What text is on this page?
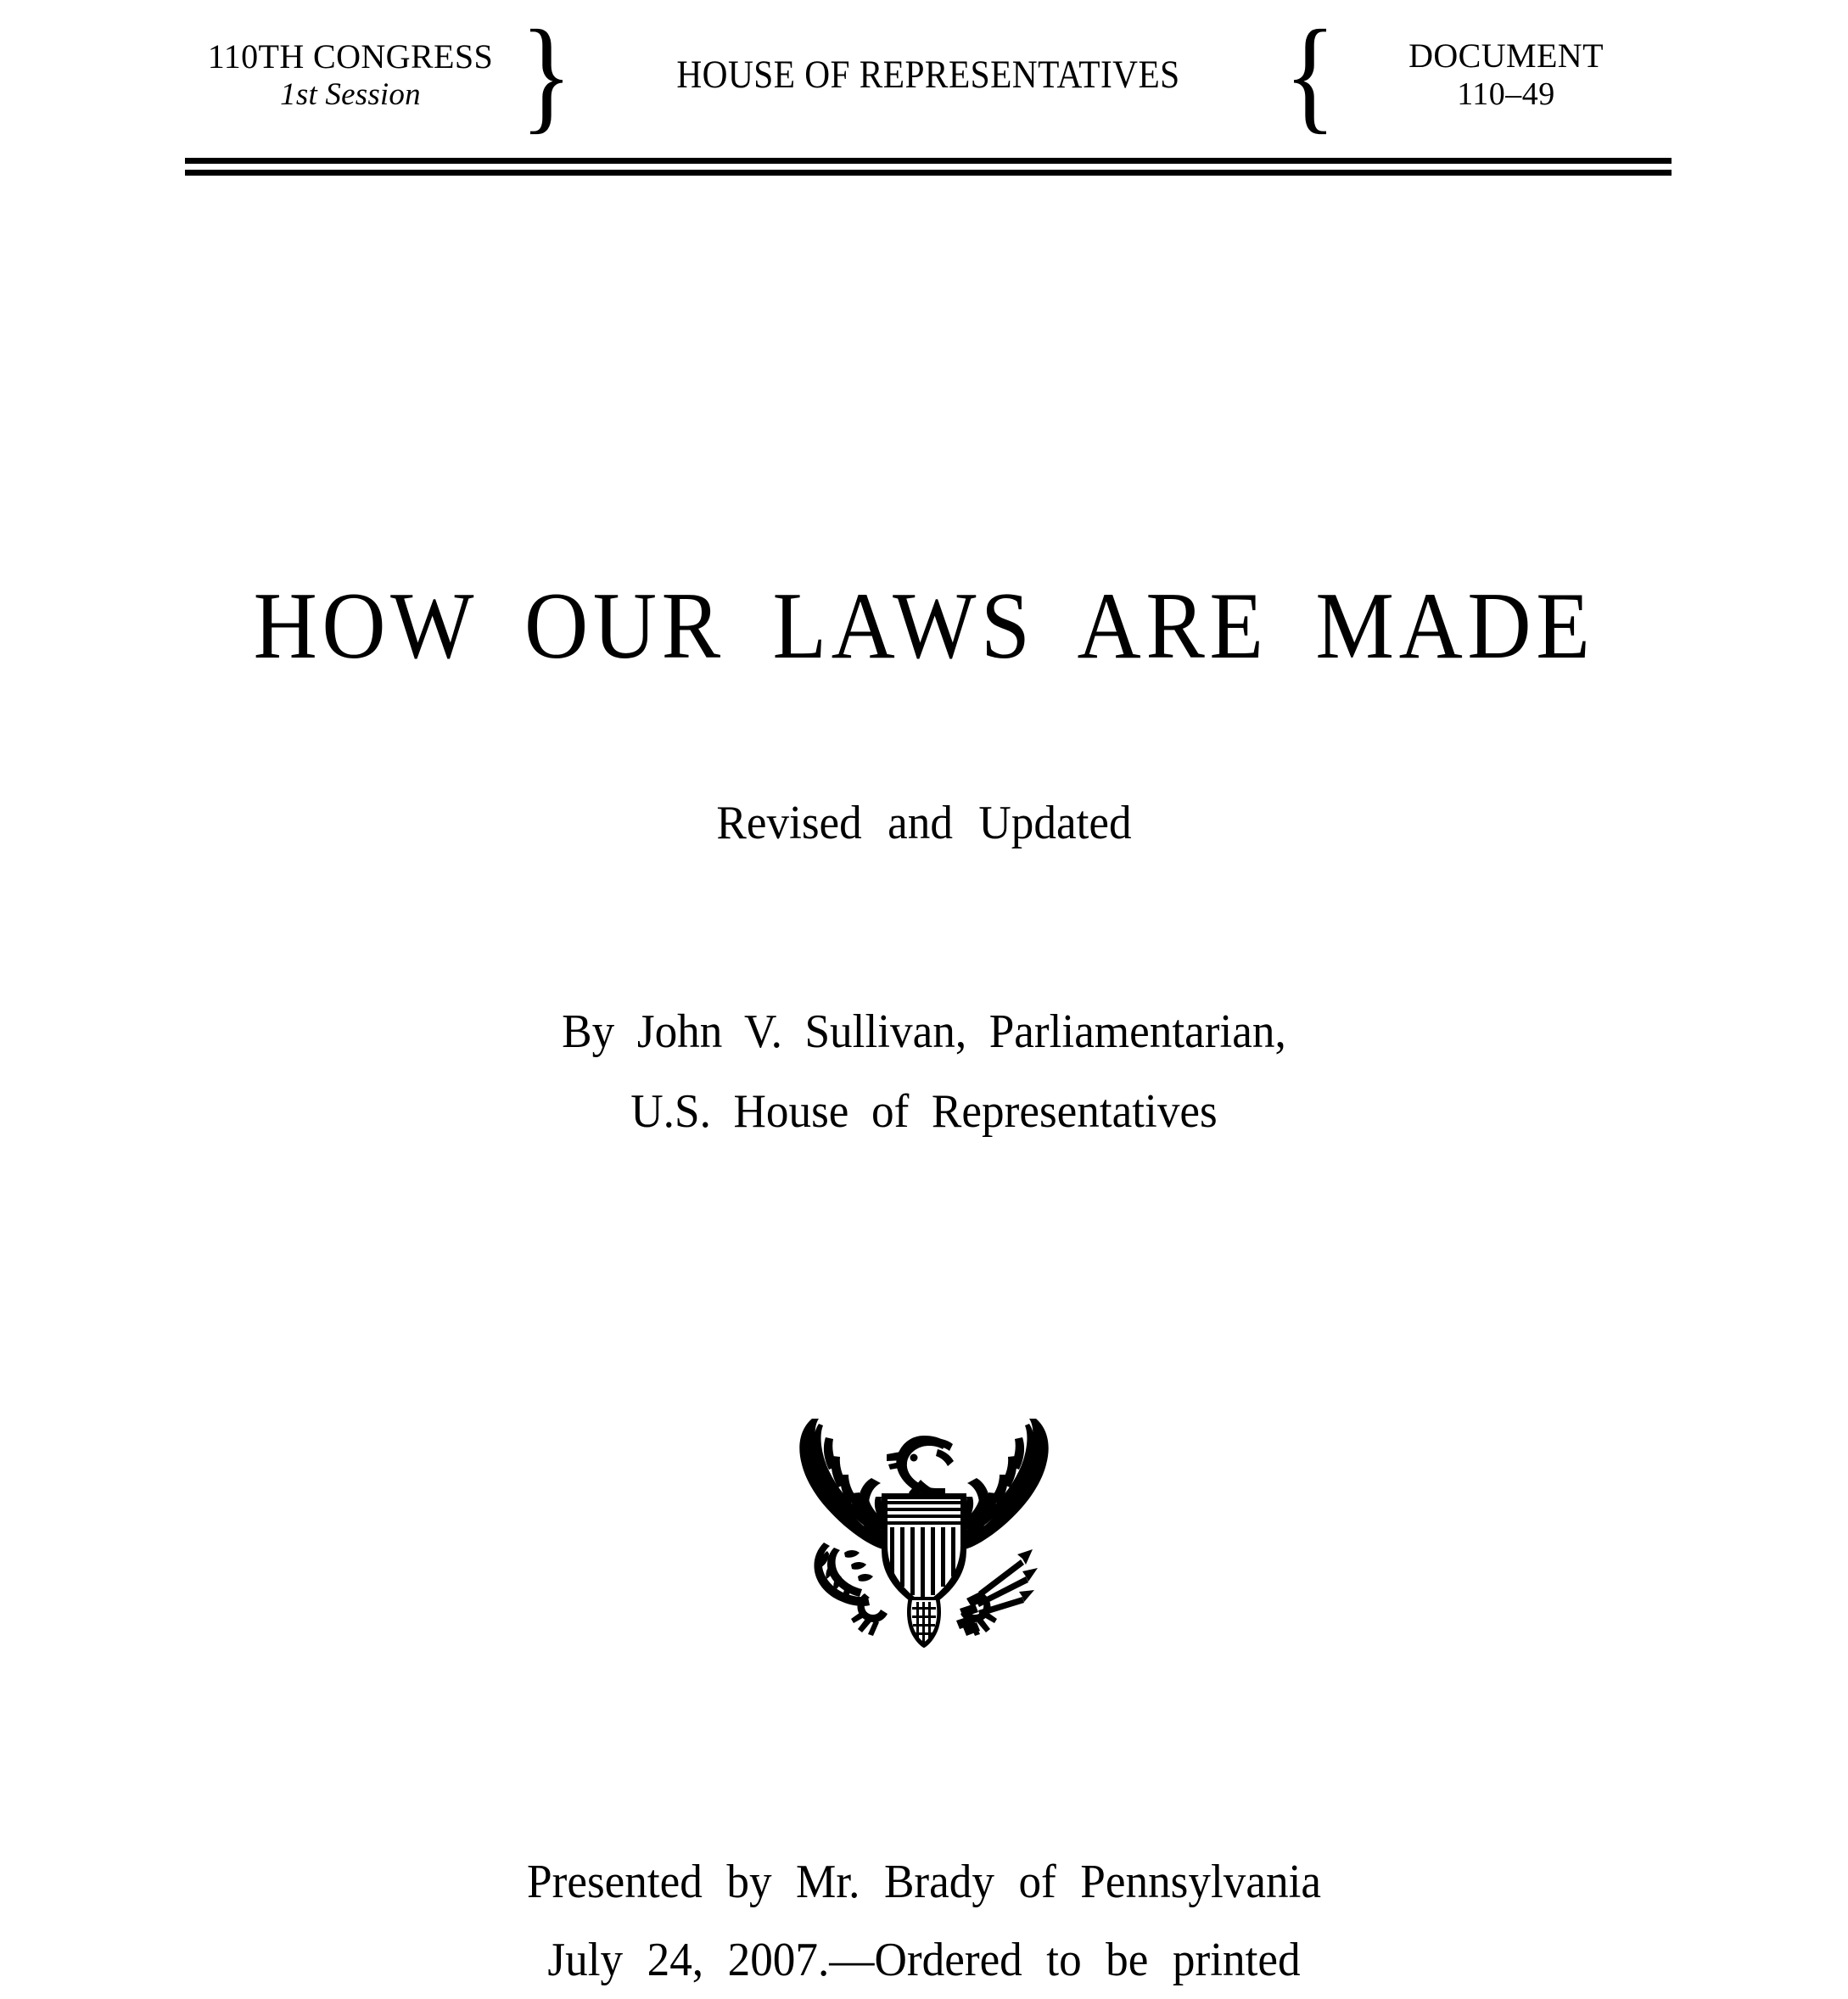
110TH CONGRESS
1st Session }	HOUSE OF REPRESENTATIVES { DOCUMENT
110–49
HOW OUR LAWS ARE MADE
Revised and Updated
By John V. Sullivan, Parliamentarian,
U.S. House of Representatives
Presented by Mr. Brady of Pennsylvania
July 24, 2007.—Ordered to be printed
